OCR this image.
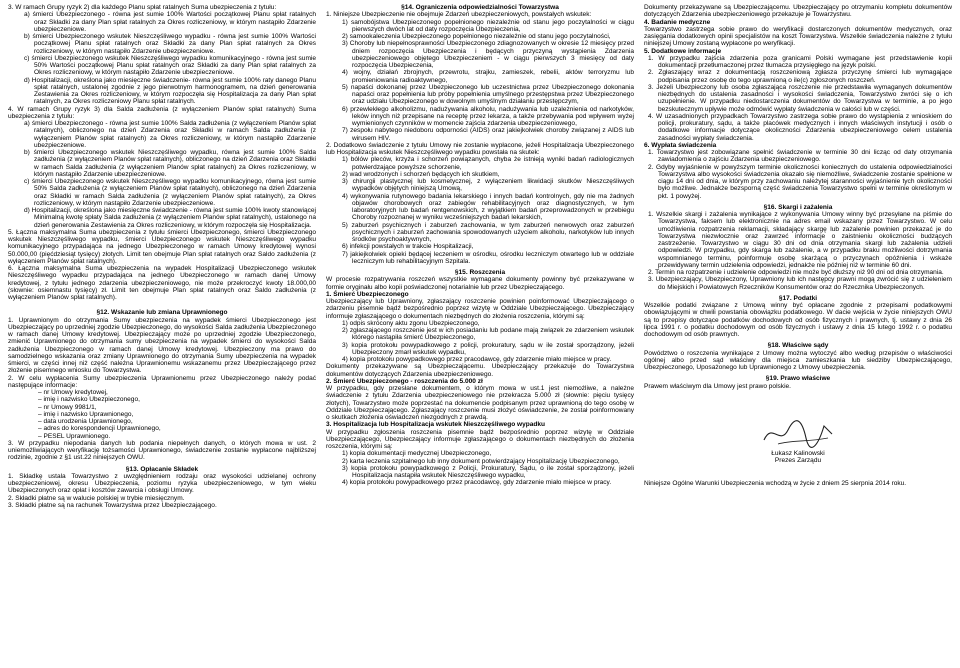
3. W ramach Grupy ryzyk 2) dla każdego Planu spłat ratalnych Suma ubezpieczenia z tytułu:

a) śmierci Ubezpieczonego - równa jest sumie 100% Wartości początkowej Planu spłat ratalnych oraz Składki za dany Plan spłat ratalnych za Okres rozliczeniowy, w którym nastąpiło Zdarzenie ubezpieczeniowe.

b) śmierci Ubezpieczonego wskutek Nieszczęśliwego wypadku - równa jest sumie 100% Wartości początkowej Planu spłat ratalnych oraz Składki za dany Plan spłat ratalnych za Okres rozliczeniowy, w którym nastąpiło Zdarzenie ubezpieczeniowe.

c) śmierci Ubezpieczonego wskutek Nieszczęśliwego wypadku komunikacyjnego - równa jest sumie 50% Wartości początkowej Planu spłat ratalnych oraz Składki za dany Plan spłat ratalnych za Okres rozliczeniowy, w którym nastąpiło Zdarzenie ubezpieczeniowe.

d) Hospitalizacji, określona jako miesięczne świadczenie- równa jest sumie 100% raty danego Planu spłat ratalnych, ustalonej zgodnie z jego pierwotnym harmonogramem, na dzień generowania Zestawienia za Okres rozliczeniowy, w którym rozpoczęła się Hospitalizacja za dany Plan spłat ratalnych, za Okres rozliczeniowy Planu spłat ratalnych.

4. W ramach Grupy ryzyk 3) dla Salda zadłużenia (z wyłączeniem Planów spłat ratalnych) Suma ubezpieczenia z tytułu:

a) śmierci Ubezpieczonego - równa jest sumie 100% Salda zadłużenia (z wyłączeniem Planów spłat ratalnych), obliczonego na dzień Zdarzenia oraz Składki w ramach Salda zadłużenia (z wyłączeniem Planów spłat ratalnych) za Okres rozliczeniowy, w którym nastąpiło Zdarzenie ubezpieczeniowe.

b) śmierci Ubezpieczonego wskutek Nieszczęśliwego wypadku, równa jest sumie 100% Salda zadłużenia (z wyłączeniem Planów spłat ratalnych), obliczonego na dzień Zdarzenia oraz Składki w ramach Salda zadłużenia (z wyłączeniem Planów spłat ratalnych) za Okres rozliczeniowy, w którym nastąpiło Zdarzenie ubezpieczeniowe.

c) śmierci Ubezpieczonego wskutek Nieszczęśliwego wypadku komunikacyjnego, równa jest sumie 50% Salda zadłużenia (z wyłączeniem Planów spłat ratalnych), obliczonego na dzień Zdarzenia oraz Składki w ramach Salda zadłużenia (z wyłączeniem Planów spłat ratalnych), za Okres rozliczeniowy, w którym nastąpiło Zdarzenie ubezpieczeniowe.

d) Hospitalizacji, określona jako miesięczne świadczenie - równa jest sumie 100% kwoty stanowiącej Minimalną kwotę spłaty Salda zadłużenia (z wyłączeniem Planów spłat ratalnych), ustalonego na dzień generowania Zestawienia za Okres rozliczeniowy, w którym rozpoczęła się Hospitalizacja.

5. Łączna maksymalna Suma ubezpieczenia z tytułu śmierci Ubezpieczonego, śmierci Ubezpieczonego wskutek Nieszczęśliwego wypadku, śmierci Ubezpieczonego wskutek Nieszczęśliwego wypadku komunikacyjnego przypadająca na jednego Ubezpieczonego w ramach Umowy kredytowej wynosi 50.000,00 (pięćdziesiąt tysięcy) złotych. Limit ten obejmuje Plan spłat ratalnych oraz Saldo zadłużenia (z wyłączeniem Planów spłat ratalnych).

6. Łączna maksymalna Suma ubezpieczenia na wypadek Hospitalizacji Ubezpieczonego wskutek Nieszczęśliwego wypadku przypadająca na jednego Ubezpieczonego w ramach danej Umowy kredytowej, z tytułu jednego zdarzenia ubezpieczeniowego, nie może przekroczyć kwoty 18.000,00 (słownie: osiemnastu tysięcy) zł. Limit ten obejmuje Plan spłat ratalnych oraz Saldo zadłużenia (z wyłączeniem Planów spłat ratalnych).

§12. Wskazanie lub zmiana Uprawnionego

1. Uprawnionym do otrzymania Sumy ubezpieczenia na wypadek śmierci Ubezpieczonego jest Ubezpieczający po uprzedniej zgodzie Ubezpieczonego, do wysokości Salda zadłużenia Ubezpieczonego w ramach danej Umowy kredytowej. Ubezpieczający może po uprzedniej zgodzie Ubezpieczonego, zmienić Uprawnionego do otrzymania sumy ubezpieczenia na wypadek śmierci do wysokości Salda zadłużenia Ubezpieczonego w ramach danej Umowy kredytowej. Ubezpieczony ma prawo do samodzielnego wskazania oraz zmiany Uprawnionego do otrzymania Sumy ubezpieczenia na wypadek śmierci, w części innej niż część należna Uprawnionemu wskazanemu przez Ubezpieczającego przez złożenie pisemnego wniosku do Towarzystwa.

2. W celu wypłacenia Sumy ubezpieczenia Uprawnionemu przez Ubezpieczonego należy podać następujące informacje:

– nr Umowy kredytowej,

– imię i nazwisko Ubezpieczonego,

– nr Umowy 9981/1,

– imię i nazwisko Uprawnionego,

– data urodzenia Uprawnionego,

– adres do korespondencji Uprawnionego,

– PESEL Uprawnionego.

3. W przypadku niepodania danych lub podania niepełnych danych, o których mowa w ust. 2 uniemożliwiających weryfikację tożsamości Uprawnionego, świadczenie zostanie wypłacone najbliższej rodzinie, zgodnie z §1 ust.22 niniejszych OWU.

§13. Opłacanie Składek

1. Składkę ustala Towarzystwo z uwzględnieniem rodzaju oraz wysokości udzielanej ochrony ubezpieczeniowej, okresu Ubezpieczenia, poziomu ryzyka ubezpieczeniowego, w tym wieku Ubezpieczonych oraz opłat i kosztów zawarcia i obsługi Umowy.

2. Składki płatne są w walucie polskiej w trybie miesięcznym.

3. Składki płatne są na rachunek Towarzystwa przez Ubezpieczającego.

§14. Ograniczenia odpowiedzialności Towarzystwa

1. Niniejsze Ubezpieczenie nie obejmuje Zdarzeń ubezpieczeniowych, powstałych wskutek:

1) samobójstwa Ubezpieczonego popełnionego niezależnie od stanu jego poczytalności w ciągu pierwszych dwóch lat od daty rozpoczęcia Ubezpieczenia,

2) samookaleczenia Ubezpieczonego popełnionego niezależnie od stanu jego poczytalności,

3) Choroby lub niepełnosprawności Ubezpieczonego zdiagnozowanych w okresie 12 miesięcy przed dniem rozpoczęcia Ubezpieczenia i będących przyczyną wystąpienia Zdarzenia ubezpieczeniowego objętego Ubezpieczeniem - w ciągu pierwszych 3 miesięcy od daty rozpoczęcia Ubezpieczenia,

4) wojny, działań zbrojnych, przewrotu, strajku, zamieszek, rebelii, aktów terroryzmu lub promieniowania radioaktywnego,

5) napaści dokonanej przez Ubezpieczonego lub uczestnictwa przez Ubezpieczonego dokonania napaści oraz popełnienia lub próby popełnienia umyślnego przestępstwa przez Ubezpieczonego oraz udziału Ubezpieczonego w dowolnym umyślnym działaniu przestępczym,

6) przewlekłego alkoholizmu, nadużywania alkoholu, nadużywania lub uzależnienia od narkotyków, leków innych niż przepisane na receptę przez lekarza, a także przebywania pod wpływem wyżej wymienionych czynników w momencie zajścia zdarzenia ubezpieczeniowego,

7) zespołu nabytego niedoboru odporności (AIDS) oraz jakiejkolwiek choroby związanej z AIDS lub wirusem HIV.

2. Dodatkowo świadczenie z tytułu Umowy nie zostanie wypłacone, jeżeli Hospitalizacja Ubezpieczonego lub Hospitalizacja wskutek Nieszczęśliwego wypadku powstała na skutek:

1) bólów pleców, krzyża i schorzeń powiązanych, chyba że istnieją wyniki badań radiologicznych potwierdzające powyższe schorzenie,

2) wad wrodzonych i schorzeń będących ich skutkiem,

3) chirurgii plastycznej lub kosmetycznej, z wyłączeniem likwidacji skutków Nieszczęśliwych wypadków objętych niniejszą Umową,

4) wykonywania rutynowego badania lekarskiego i innych badań kontrolnych, gdy nie ma żadnych objawów chorobowych oraz zabiegów rehabilitacyjnych oraz diagnostycznych, w tym laboratoryjnych lub badań rentgenowskich, z wyjątkiem badań przeprowadzonych w przebiegu Choroby rozpoznanej w wyniku wcześniejszych badań lekarskich,

5) zaburzeń psychicznych i zaburzeń zachowania, w tym zaburzeń nerwowych oraz zaburzeń psychicznych i zaburzeń zachowania spowodowanych użyciem alkoholu, narkotyków lub innych środków psychoaktywnych,

6) infekcji powstałych w trakcie Hospitalizacji,

7) jakiejkolwiek opieki będącej leczeniem w ośrodku, ośrodku leczniczym otwartego lub w oddziale leczniczym lub rehabilitacyjnym Szpitala.

§15. Roszczenia

W procesie rozpatrywania roszczeń wszystkie wymagane dokumenty powinny być przekazywane w formie oryginału albo kopii poświadczonej notarialnie lub przez Ubezpieczającego.

1. Śmierć Ubezpieczonego

Ubezpieczający lub Uprawniony, zgłaszający roszczenie powinien poinformować Ubezpieczającego o zdarzeniu pisemnie bądź bezpośrednio poprzez wizytę w Oddziale Ubezpieczającego. Ubezpieczający informuje zgłaszającego o dokumentach niezbędnych do złożenia roszczenia, którymi są:

1) odpis skrócony aktu zgonu Ubezpieczonego,

2) zgłaszającego roszczenie jest w ich posiadaniu lub podane mają związek ze zdarzeniem wskutek którego nastąpiła śmierć Ubezpieczonego,

3) kopia protokołu powypadkowego z policji, prokuratury, sądu w ile został sporządzony, jeżeli Ubezpieczony zmarł wskutek wypadku,

4) kopia protokołu powypadkowego przez pracodawcę, gdy zdarzenie miało miejsce w pracy.

Dokumenty przekazywane są Ubezpieczającemu. Ubezpieczający przekazuje do Towarzystwa dokumentów dotyczących Zdarzenia ubezpieczeniowego.

2. Śmierć Ubezpieczonego - roszczenia do 5.000 zł

W przypadku, gdy przesłane dokumentem, o którym mowa w ust.1 jest niemożliwe, a należne świadczenie z tytułu Zdarzenia ubezpieczeniowego nie przekracza 5.000 zł (słownie: pięciu tysięcy złotych), Towarzystwo może poprzestać na dokumencie podpisanym przez uprawnioną do tego osobę w Oddziale Ubezpieczającego. Zgłaszający roszczenie musi złożyć oświadczenie, że został poinformowany o skutkach złożenia oświadczeń niezgodnych z prawdą.

3. Hospitalizacja lub Hospitalizacja wskutek Nieszczęśliwego wypadku

W przypadku zgłoszenia roszczenia pisemnie bądź bezpośrednio poprzez wizytę w Oddziale Ubezpieczającego, Ubezpieczający informuje zgłaszającego o dokumentach niezbędnych do złożenia roszczenia, którymi są:

1) kopia dokumentacji medycznej Ubezpieczonego,

2) karta leczenia szpitalnego lub inny dokument potwierdzający Hospitalizację Ubezpieczonego,

3) kopia protokołu powypadkowego z Policji, Prokuratury, Sądu, o ile został sporządzony, jeżeli Hospitalizacja nastąpiła wskutek Nieszczęśliwego wypadku,

4) kopia protokołu powypadkowego przez pracodawcę, gdy zdarzenie miało miejsce w pracy.

Dokumenty przekazywane są Ubezpieczającemu. Ubezpieczający po otrzymaniu kompletu dokumentów dotyczących Zdarzenia ubezpieczeniowego przekazuje je Towarzystwu.

4. Badanie medyczne

Towarzystwo zastrzega sobie prawo do weryfikacji dostarczonych dokumentów medycznych, oraz zasięgania dodatkowych opinii specjalistów na koszt Towarzystwa. Wszelkie świadczenia należne z tytułu niniejszej Umowy zostaną wypłacone po weryfikacji.

5. Dodatkowe informacje

1. W przypadku zajścia zdarzenia poza granicami Polski wymagane jest przedstawienie kopii dokumentacji przetłumaczonej przez tłumacza przysięgłego na język polski.

2. Zgłaszający wraz z dokumentacją roszczeniową zgłasza przyczynę śmierci lub wymagające podpisania przez osobę do tego uprawnioną o ile(c) zgłoszonych roszczeń.

3. Jeżeli Ubezpieczony lub osoba zgłaszająca roszczenie nie przedstawiła wymaganych dokumentów niezbędnych do ustalenia zasadności i wysokości świadczenia, Towarzystwo zwróci się o ich uzupełnienie. W przypadku niedostarczenia dokumentów do Towarzystwa w terminie, a po jego bezskutecznym upływie może odmówić wypłaty świadczenia w całości lub w części.

4. W uzasadnionych przypadkach Towarzystwo zastrzega sobie prawo do wystąpienia z wnioskiem do policji, prokuratury, sądu, a także placówek medycznych i innych właściwych instytucji i osób o dodatkowe informacje dotyczące okoliczności Zdarzenia ubezpieczeniowego celem ustalenia zasadności wypłaty świadczenia.

6. Wypłata świadczenia

1. Towarzystwo jest zobowiązane spełnić świadczenie w terminie 30 dni licząc od daty otrzymania zawiadomienia o zajściu Zdarzenia ubezpieczeniowego.

2. Gdyby wyjaśnienie w powyższym terminie okoliczności koniecznych do ustalenia odpowiedzialności Towarzystwa albo wysokości świadczenia okazało się niemożliwe, świadczenie zostanie spełnione w ciągu 14 dni od dnia, w którym przy zachowaniu należytej staranności wyjaśnienie tych okoliczności było możliwe. Jednakże bezsporną część świadczenia Towarzystwo spełni w terminie określonym w pkt. 1 powyżej.

§16. Skargi i zażalenia

1. Wszelkie skargi i zażalenia wynikające z wykonywania Umowy winny być przesyłane na piśmie do Towarzystwa, faksem lub elektronicznie na adres email wskazany przez Towarzystwo. W celu umożliwienia rozpatrzenia reklamacji, składający skargę lub zażalenie powinien przekazać je do Towarzystwa niezwłocznie oraz zawrzeć informacje o zaistnieniu okoliczności budzących zastrzeżenie. Towarzystwo w ciągu 30 dni od dnia otrzymania skargi lub zażalenia udzieli odpowiedzi. W przypadku, gdy skarga lub zażalenie, a w przypadku braku możliwości dotrzymania wspomnianego terminu, poinformuje osobę skarżącą o przyczynach opóźnienia i wskaże przewidywany termin udzielenia odpowiedzi, jednakże nie później niż w terminie 60 dni.

2. Termin na rozpatrzenie i udzielenie odpowiedzi nie może być dłuższy niż 90 dni od dnia otrzymania.

3. Ubezpieczający, Ubezpieczony, Uprawniony lub ich następcy prawni mogą zwrócić się z udzieleniem do Miejskich i Powiatowych Rzeczników Konsumentów oraz do Rzecznika Ubezpieczonych.

§17. Podatki

Wszelkie podatki związane z Umową winny być opłacane zgodnie z przepisami podatkowymi obowiązującymi w chwili powstania obowiązku podatkowego. W dacie wejścia w życie niniejszych OWU są to przepisy dotyczące podatków dochodowych od osób fizycznych i prawnych, tj. ustawy z dnia 26 lipca 1991 r. o podatku dochodowym od osób fizycznych i ustawy z dnia 15 lutego 1992 r. o podatku dochodowym od osób prawnych.

§18. Właściwe sądy

Powództwo o roszczenia wynikające z Umowy można wytoczyć albo według przepisów o właściwości ogólnej albo przed sąd właściwy dla miejsca zamieszkania lub siedziby Ubezpieczającego, Ubezpieczonego, Uposażonego lub Uprawnionego z Umowy ubezpieczenia.

§19. Prawo właściwe

Prawem właściwym dla Umowy jest prawo polskie.

Łukasz Kalinowski

Prezes Zarządu

Niniejsze Ogólne Warunki Ubezpieczenia wchodzą w życie z dniem 25 sierpnia 2014 roku.
